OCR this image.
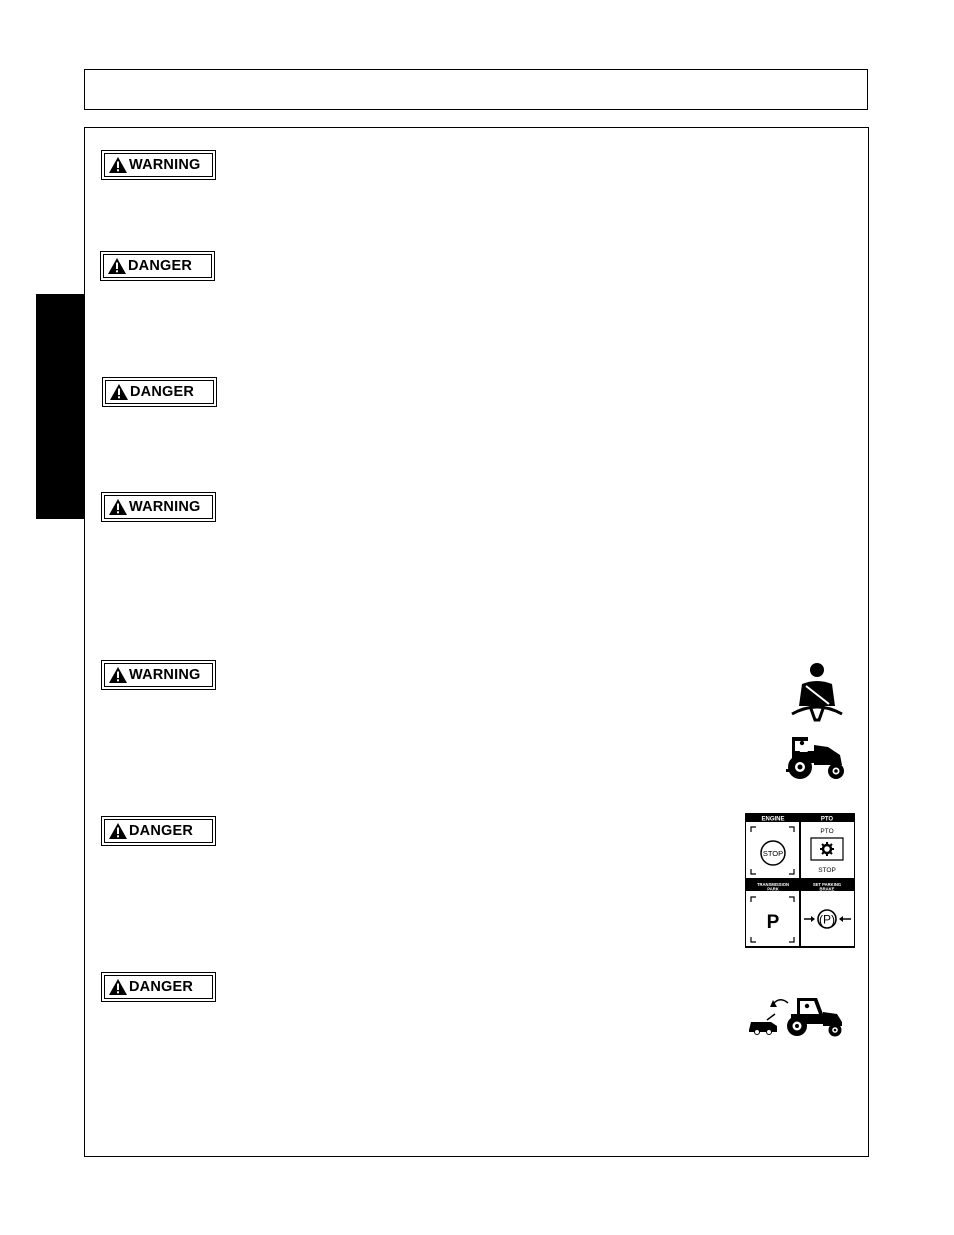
WARNING
DANGER
DANGER
WARNING
WARNING
DANGER
DANGER
ENGINE	PTO
STOP
PTO
STOP
TRANSMISSION
PARK
SET PARKING
BRAKE
P	(P)
